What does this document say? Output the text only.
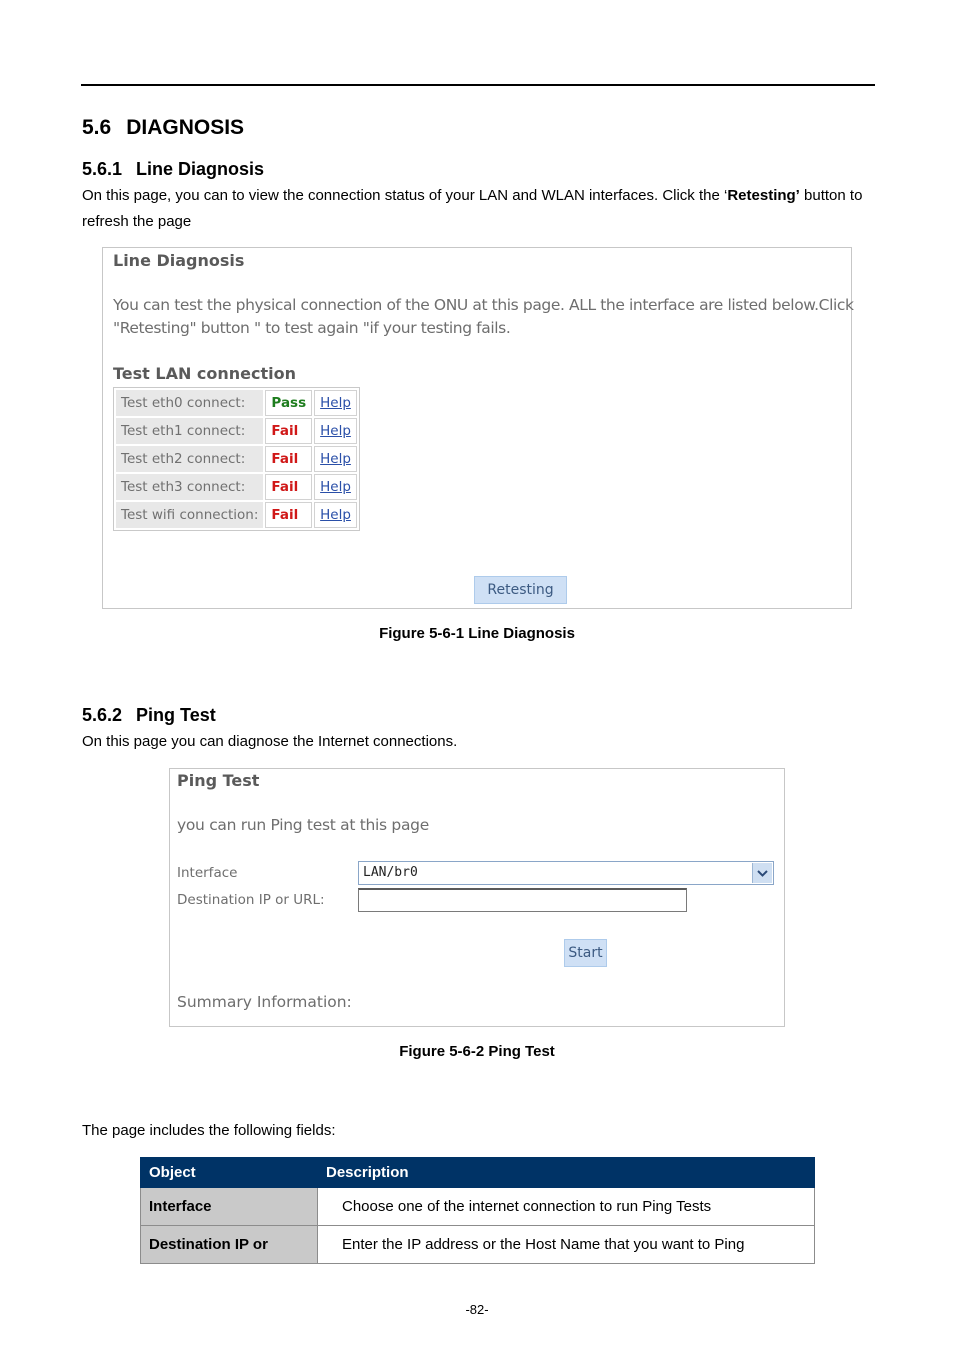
5.6 DIAGNOSIS
5.6.1 Line Diagnosis
On this page, you can to view the connection status of your LAN and WLAN interfaces. Click the ‘Retesting’ button to refresh the page
Line Diagnosis
You can test the physical connection of the ONU at this page. ALL the interface are listed below.Click
"Retesting" button " to test again "if your testing fails.
Test LAN connection
Test eth0 connect:	Pass	Help
Test eth1 connect:	Fail	Help
Test eth2 connect:	Fail	Help
Test eth3 connect:	Fail	Help
Test wifi connection:	Fail	Help
Retesting
Figure 5-6-1 Line Diagnosis
5.6.2 Ping Test
On this page you can diagnose the Internet connections.
Ping Test
you can run Ping test at this page
Interface	LAN/br0
Destination IP or URL:
Start
Summary Information:
Figure 5-6-2 Ping Test
The page includes the following fields:
Object	Description
Interface	Choose one of the internet connection to run Ping Tests
Destination IP or	Enter the IP address or the Host Name that you want to Ping
-82-
